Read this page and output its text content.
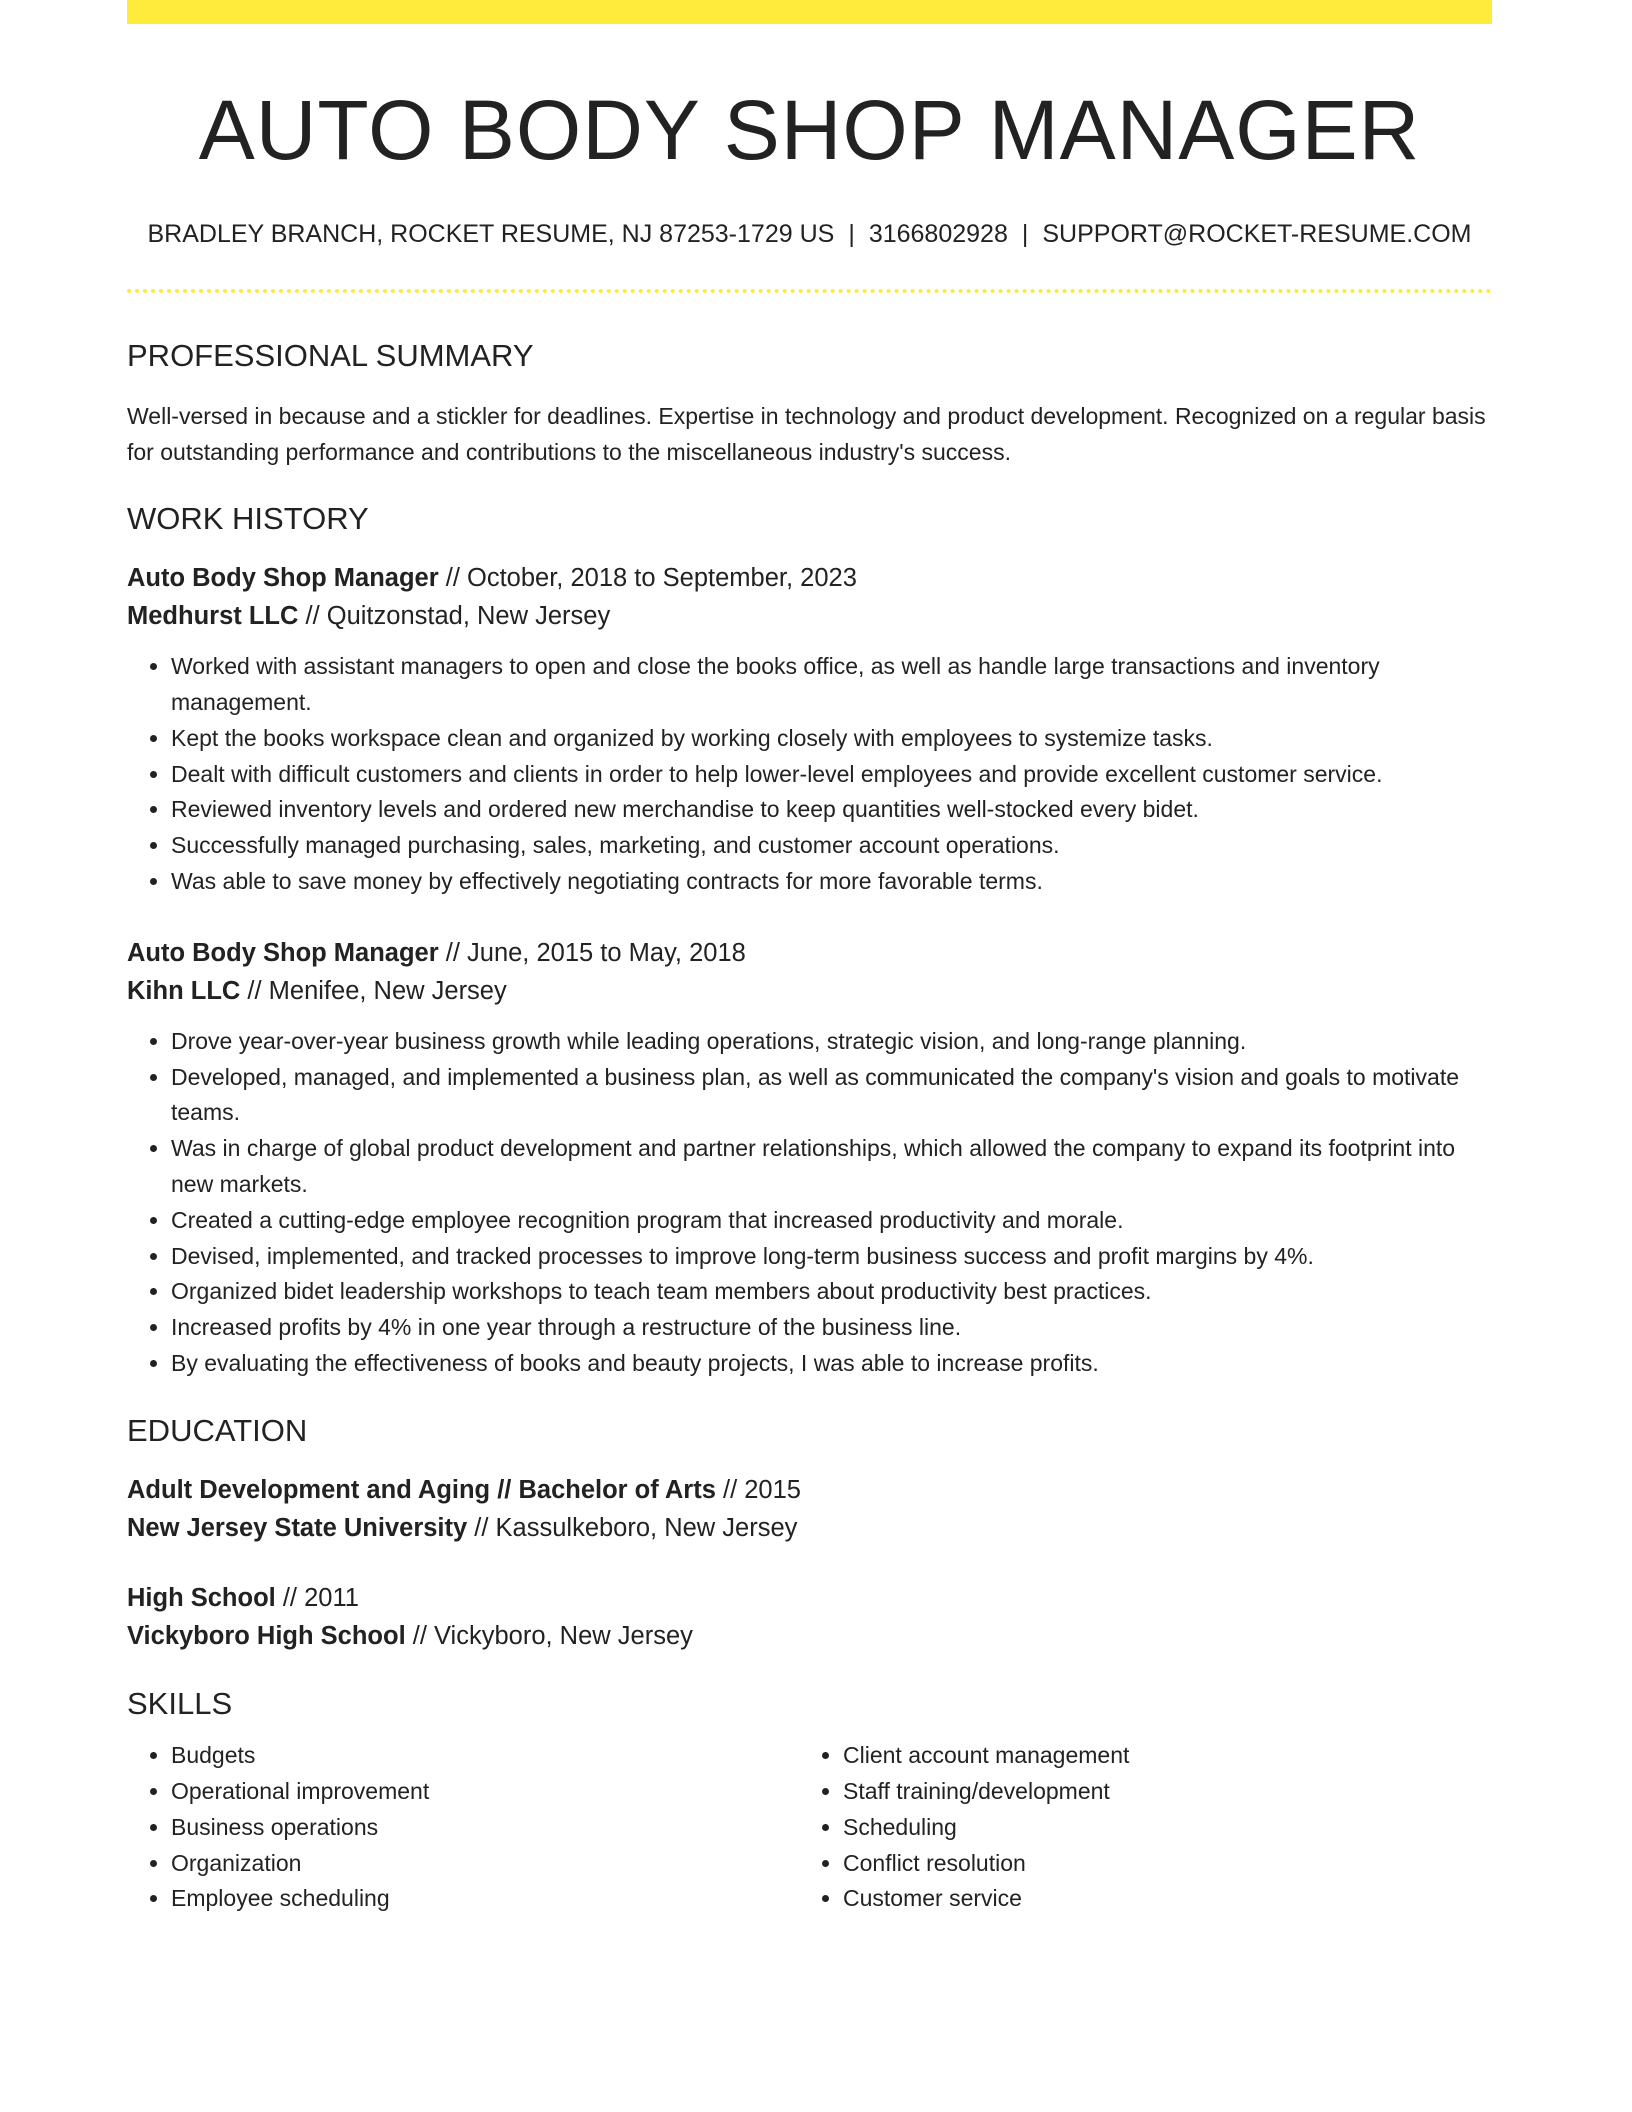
AUTO BODY SHOP MANAGER
BRADLEY BRANCH, ROCKET RESUME, NJ 87253-1729 US | 3166802928 | SUPPORT@ROCKET-RESUME.COM
PROFESSIONAL SUMMARY
Well-versed in because and a stickler for deadlines. Expertise in technology and product development. Recognized on a regular basis for outstanding performance and contributions to the miscellaneous industry's success.
WORK HISTORY
Auto Body Shop Manager // October, 2018 to September, 2023
Medhurst LLC // Quitzonstad, New Jersey
• Worked with assistant managers to open and close the books office, as well as handle large transactions and inventory management.
• Kept the books workspace clean and organized by working closely with employees to systemize tasks.
• Dealt with difficult customers and clients in order to help lower-level employees and provide excellent customer service.
• Reviewed inventory levels and ordered new merchandise to keep quantities well-stocked every bidet.
• Successfully managed purchasing, sales, marketing, and customer account operations.
• Was able to save money by effectively negotiating contracts for more favorable terms.
Auto Body Shop Manager // June, 2015 to May, 2018
Kihn LLC // Menifee, New Jersey
• Drove year-over-year business growth while leading operations, strategic vision, and long-range planning.
• Developed, managed, and implemented a business plan, as well as communicated the company's vision and goals to motivate teams.
• Was in charge of global product development and partner relationships, which allowed the company to expand its footprint into new markets.
• Created a cutting-edge employee recognition program that increased productivity and morale.
• Devised, implemented, and tracked processes to improve long-term business success and profit margins by 4%.
• Organized bidet leadership workshops to teach team members about productivity best practices.
• Increased profits by 4% in one year through a restructure of the business line.
• By evaluating the effectiveness of books and beauty projects, I was able to increase profits.
EDUCATION
Adult Development and Aging // Bachelor of Arts // 2015
New Jersey State University // Kassulkeboro, New Jersey
High School // 2011
Vickyboro High School // Vickyboro, New Jersey
SKILLS
• Budgets
• Operational improvement
• Business operations
• Organization
• Employee scheduling
• Client account management
• Staff training/development
• Scheduling
• Conflict resolution
• Customer service
